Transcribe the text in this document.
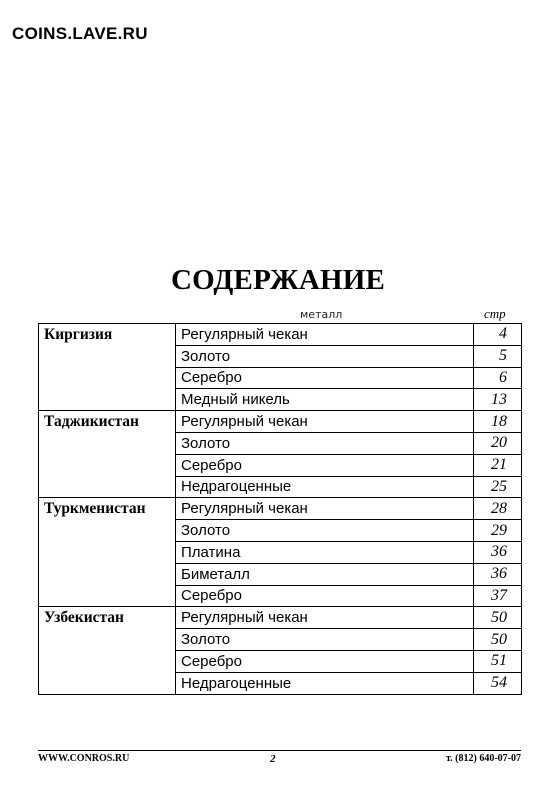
COINS.LAVE.RU
СОДЕРЖАНИЕ
металл	стр
Киргизия	Регулярный чекан	4
	Золото	5
	Серебро	6
	Медный никель	13
Таджикистан	Регулярный чекан	18
	Золото	20
	Серебро	21
	Недрагоценные	25
Туркменистан	Регулярный чекан	28
	Золото	29
	Платина	36
	Биметалл	36
	Серебро	37
Узбекистан	Регулярный чекан	50
	Золото	50
	Серебро	51
	Недрагоценные	54
WWW.CONROS.RU	2	т. (812) 640-07-07
